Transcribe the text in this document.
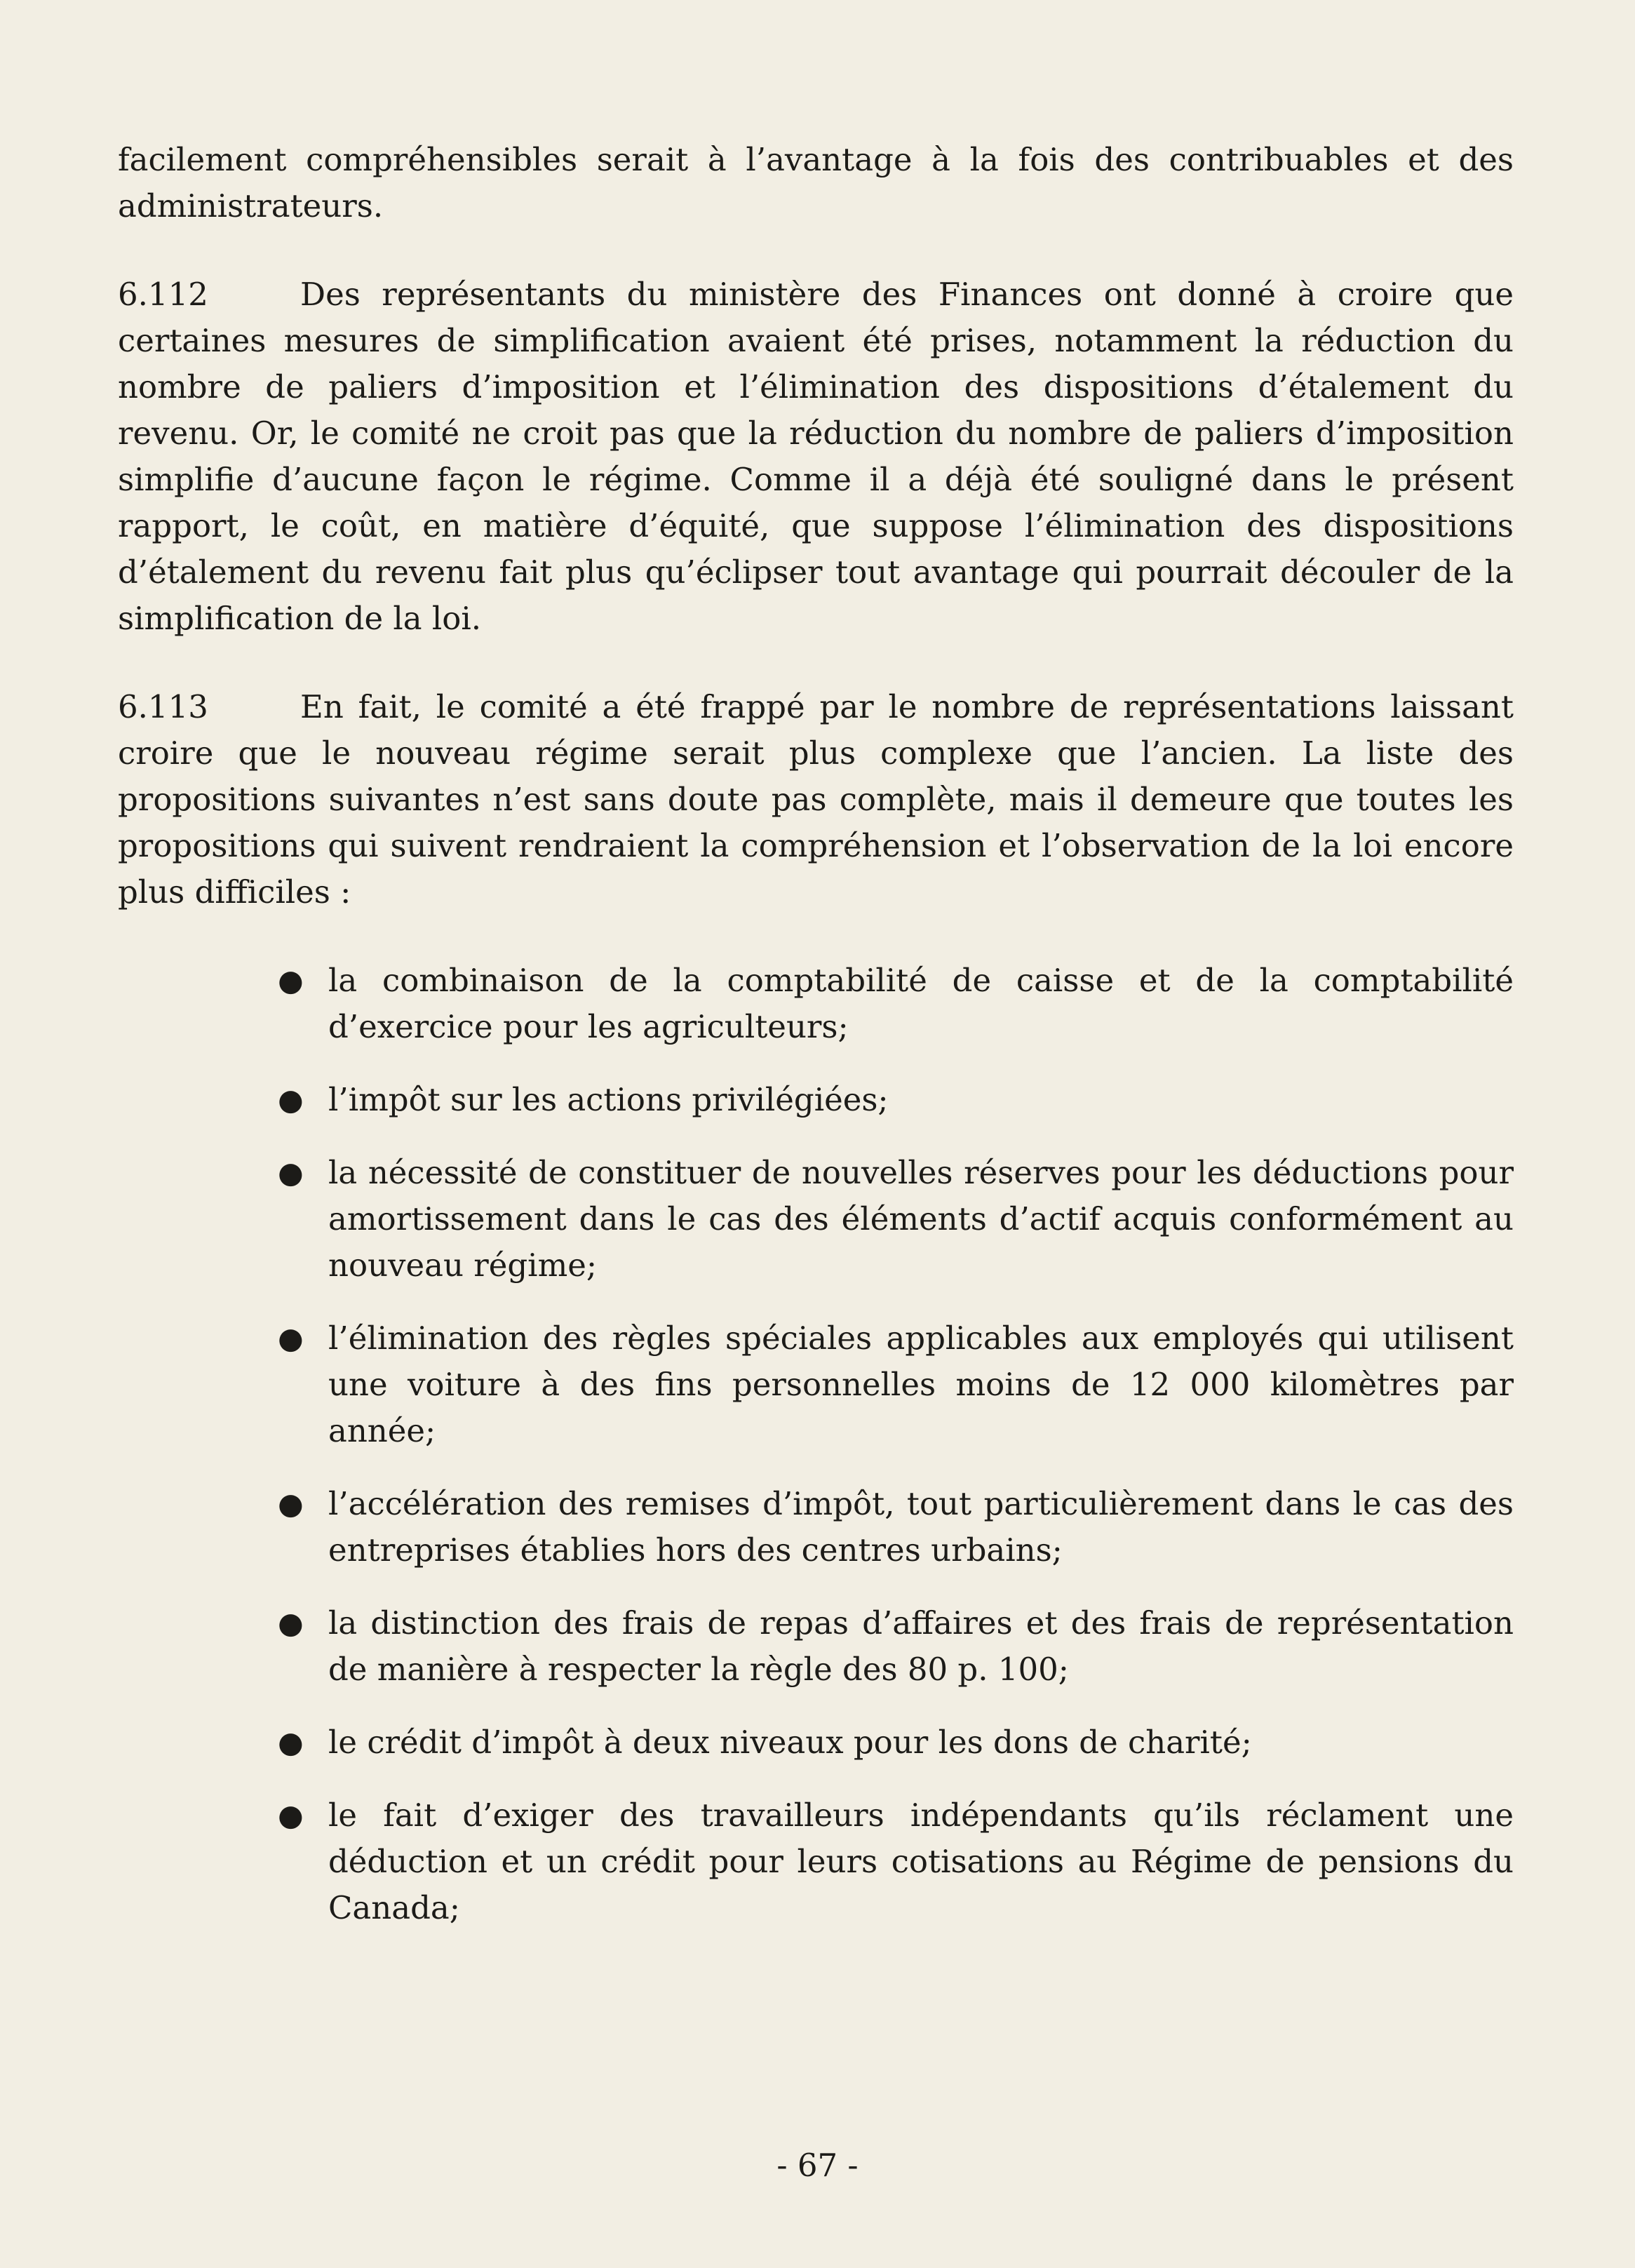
facilement compréhensibles serait à l’avantage à la fois des contribuables et des administrateurs.

6.112	Des représentants du ministère des Finances ont donné à croire que certaines mesures de simplification avaient été prises, notamment la réduction du nombre de paliers d’imposition et l’élimination des dispositions d’étalement du revenu. Or, le comité ne croit pas que la réduction du nombre de paliers d’imposition simplifie d’aucune façon le régime. Comme il a déjà été souligné dans le présent rapport, le coût, en matière d’équité, que suppose l’élimination des dispositions d’étalement du revenu fait plus qu’éclipser tout avantage qui pourrait découler de la simplification de la loi.

6.113	En fait, le comité a été frappé par le nombre de représentations laissant croire que le nouveau régime serait plus complexe que l’ancien. La liste des propositions suivantes n’est sans doute pas complète, mais il demeure que toutes les propositions qui suivent rendraient la compréhension et l’observation de la loi encore plus difficiles :

● la combinaison de la comptabilité de caisse et de la comptabilité d’exercice pour les agriculteurs;
● l’impôt sur les actions privilégiées;
● la nécessité de constituer de nouvelles réserves pour les déductions pour amortissement dans le cas des éléments d’actif acquis conformément au nouveau régime;
● l’élimination des règles spéciales applicables aux employés qui utilisent une voiture à des fins personnelles moins de 12 000 kilomètres par année;
● l’accélération des remises d’impôt, tout particulièrement dans le cas des entreprises établies hors des centres urbains;
● la distinction des frais de repas d’affaires et des frais de représentation de manière à respecter la règle des 80 p. 100;
● le crédit d’impôt à deux niveaux pour les dons de charité;
● le fait d’exiger des travailleurs indépendants qu’ils réclament une déduction et un crédit pour leurs cotisations au Régime de pensions du Canada;
- 67 -
